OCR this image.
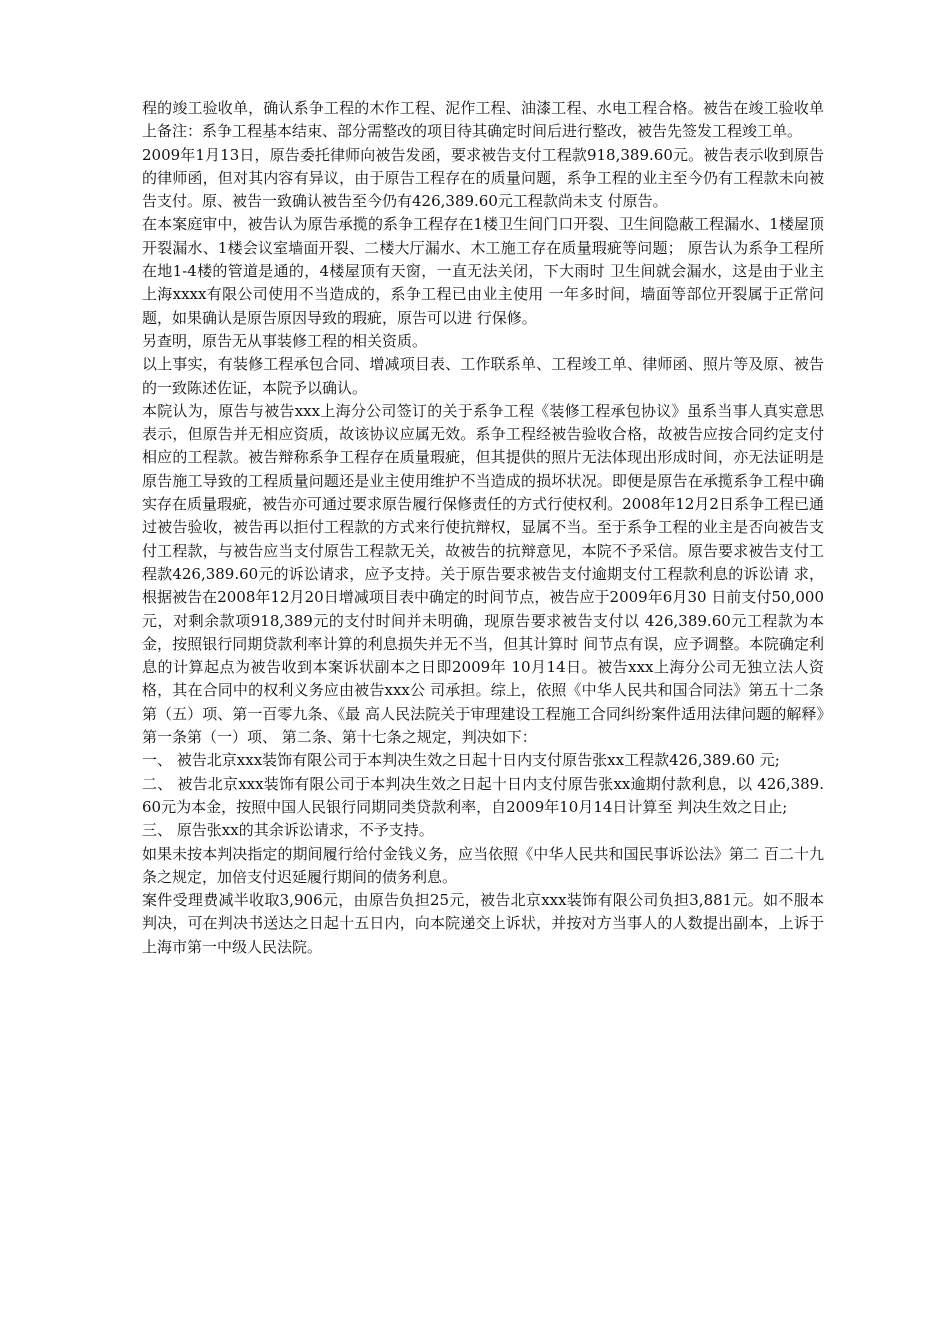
程的竣工验收单，确认系争工程的木作工程、泥作工程、油漆工程、水电工程合格。被告在竣工验收单上备注：系争工程基本结束、部分需整改的项目待其确定时间后进行整改，被告先签发工程竣工单。

2009年1月13日，原告委托律师向被告发函，要求被告支付工程款918,389.60元。被告表示收到原告的律师函，但对其内容有异议，由于原告工程存在的质量问题，系争工程的业主至今仍有工程款未向被告支付。原、被告一致确认被告至今仍有426,389.60元工程款尚未支 付原告。

在本案庭审中，被告认为原告承揽的系争工程存在1楼卫生间门口开裂、卫生间隐蔽工程漏水、1楼屋顶开裂漏水、1楼会议室墙面开裂、二楼大厅漏水、木工施工存在质量瑕疵等问题； 原告认为系争工程所在地1-4楼的管道是通的，4楼屋顶有天窗，一直无法关闭，下大雨时 卫生间就会漏水，这是由于业主上海xxxx有限公司使用不当造成的，系争工程已由业主使用 一年多时间，墙面等部位开裂属于正常问题，如果确认是原告原因导致的瑕疵，原告可以进 行保修。

另查明，原告无从事装修工程的相关资质。

以上事实，有装修工程承包合同、增减项目表、工作联系单、工程竣工单、律师函、照片等及原、被告的一致陈述佐证，本院予以确认。

本院认为，原告与被告xxx上海分公司签订的关于系争工程《装修工程承包协议》虽系当事人真实意思表示，但原告并无相应资质，故该协议应属无效。系争工程经被告验收合格，故被告应按合同约定支付相应的工程款。被告辩称系争工程存在质量瑕疵，但其提供的照片无法体现出形成时间，亦无法证明是原告施工导致的工程质量问题还是业主使用维护不当造成的损坏状况。即便是原告在承揽系争工程中确实存在质量瑕疵，被告亦可通过要求原告履行保修责任的方式行使权利。2008年12月2日系争工程已通过被告验收，被告再以拒付工程款的方式来行使抗辩权，显属不当。至于系争工程的业主是否向被告支付工程款，与被告应当支付原告工程款无关，故被告的抗辩意见，本院不予采信。原告要求被告支付工程款426,389.60元的诉讼请求，应予支持。关于原告要求被告支付逾期支付工程款利息的诉讼请 求，根据被告在2008年12月20日增减项目表中确定的时间节点，被告应于2009年6月30 日前支付50,000元，对剩余款项918,389元的支付时间并未明确，现原告要求被告支付以 426,389.60元工程款为本金，按照银行同期贷款利率计算的利息损失并无不当，但其计算时 间节点有误，应予调整。本院确定利息的计算起点为被告收到本案诉状副本之日即2009年 10月14日。被告xxx上海分公司无独立法人资格，其在合同中的权利义务应由被告xxx公 司承担。综上，依照《中华人民共和国合同法》第五十二条第（五）项、第一百零九条、《最 高人民法院关于审理建设工程施工合同纠纷案件适用法律问题的解释》第一条第（一）项、 第二条、第十七条之规定，判决如下：

一、 被告北京xxx装饰有限公司于本判决生效之日起十日内支付原告张xx工程款426,389.60 元;

二、 被告北京xxx装饰有限公司于本判决生效之日起十日内支付原告张xx逾期付款利息，以 426,389.60元为本金，按照中国人民银行同期同类贷款利率，自2009年10月14日计算至 判决生效之日止;

三、 原告张xx的其余诉讼请求，不予支持。

如果未按本判决指定的期间履行给付金钱义务，应当依照《中华人民共和国民事诉讼法》第二 百二十九条之规定，加倍支付迟延履行期间的债务利息。

案件受理费减半收取3,906元，由原告负担25元，被告北京xxx装饰有限公司负担3,881元。如不服本判决，可在判决书送达之日起十五日内，向本院递交上诉状，并按对方当事人的人数提出副本，上诉于上海市第一中级人民法院。
